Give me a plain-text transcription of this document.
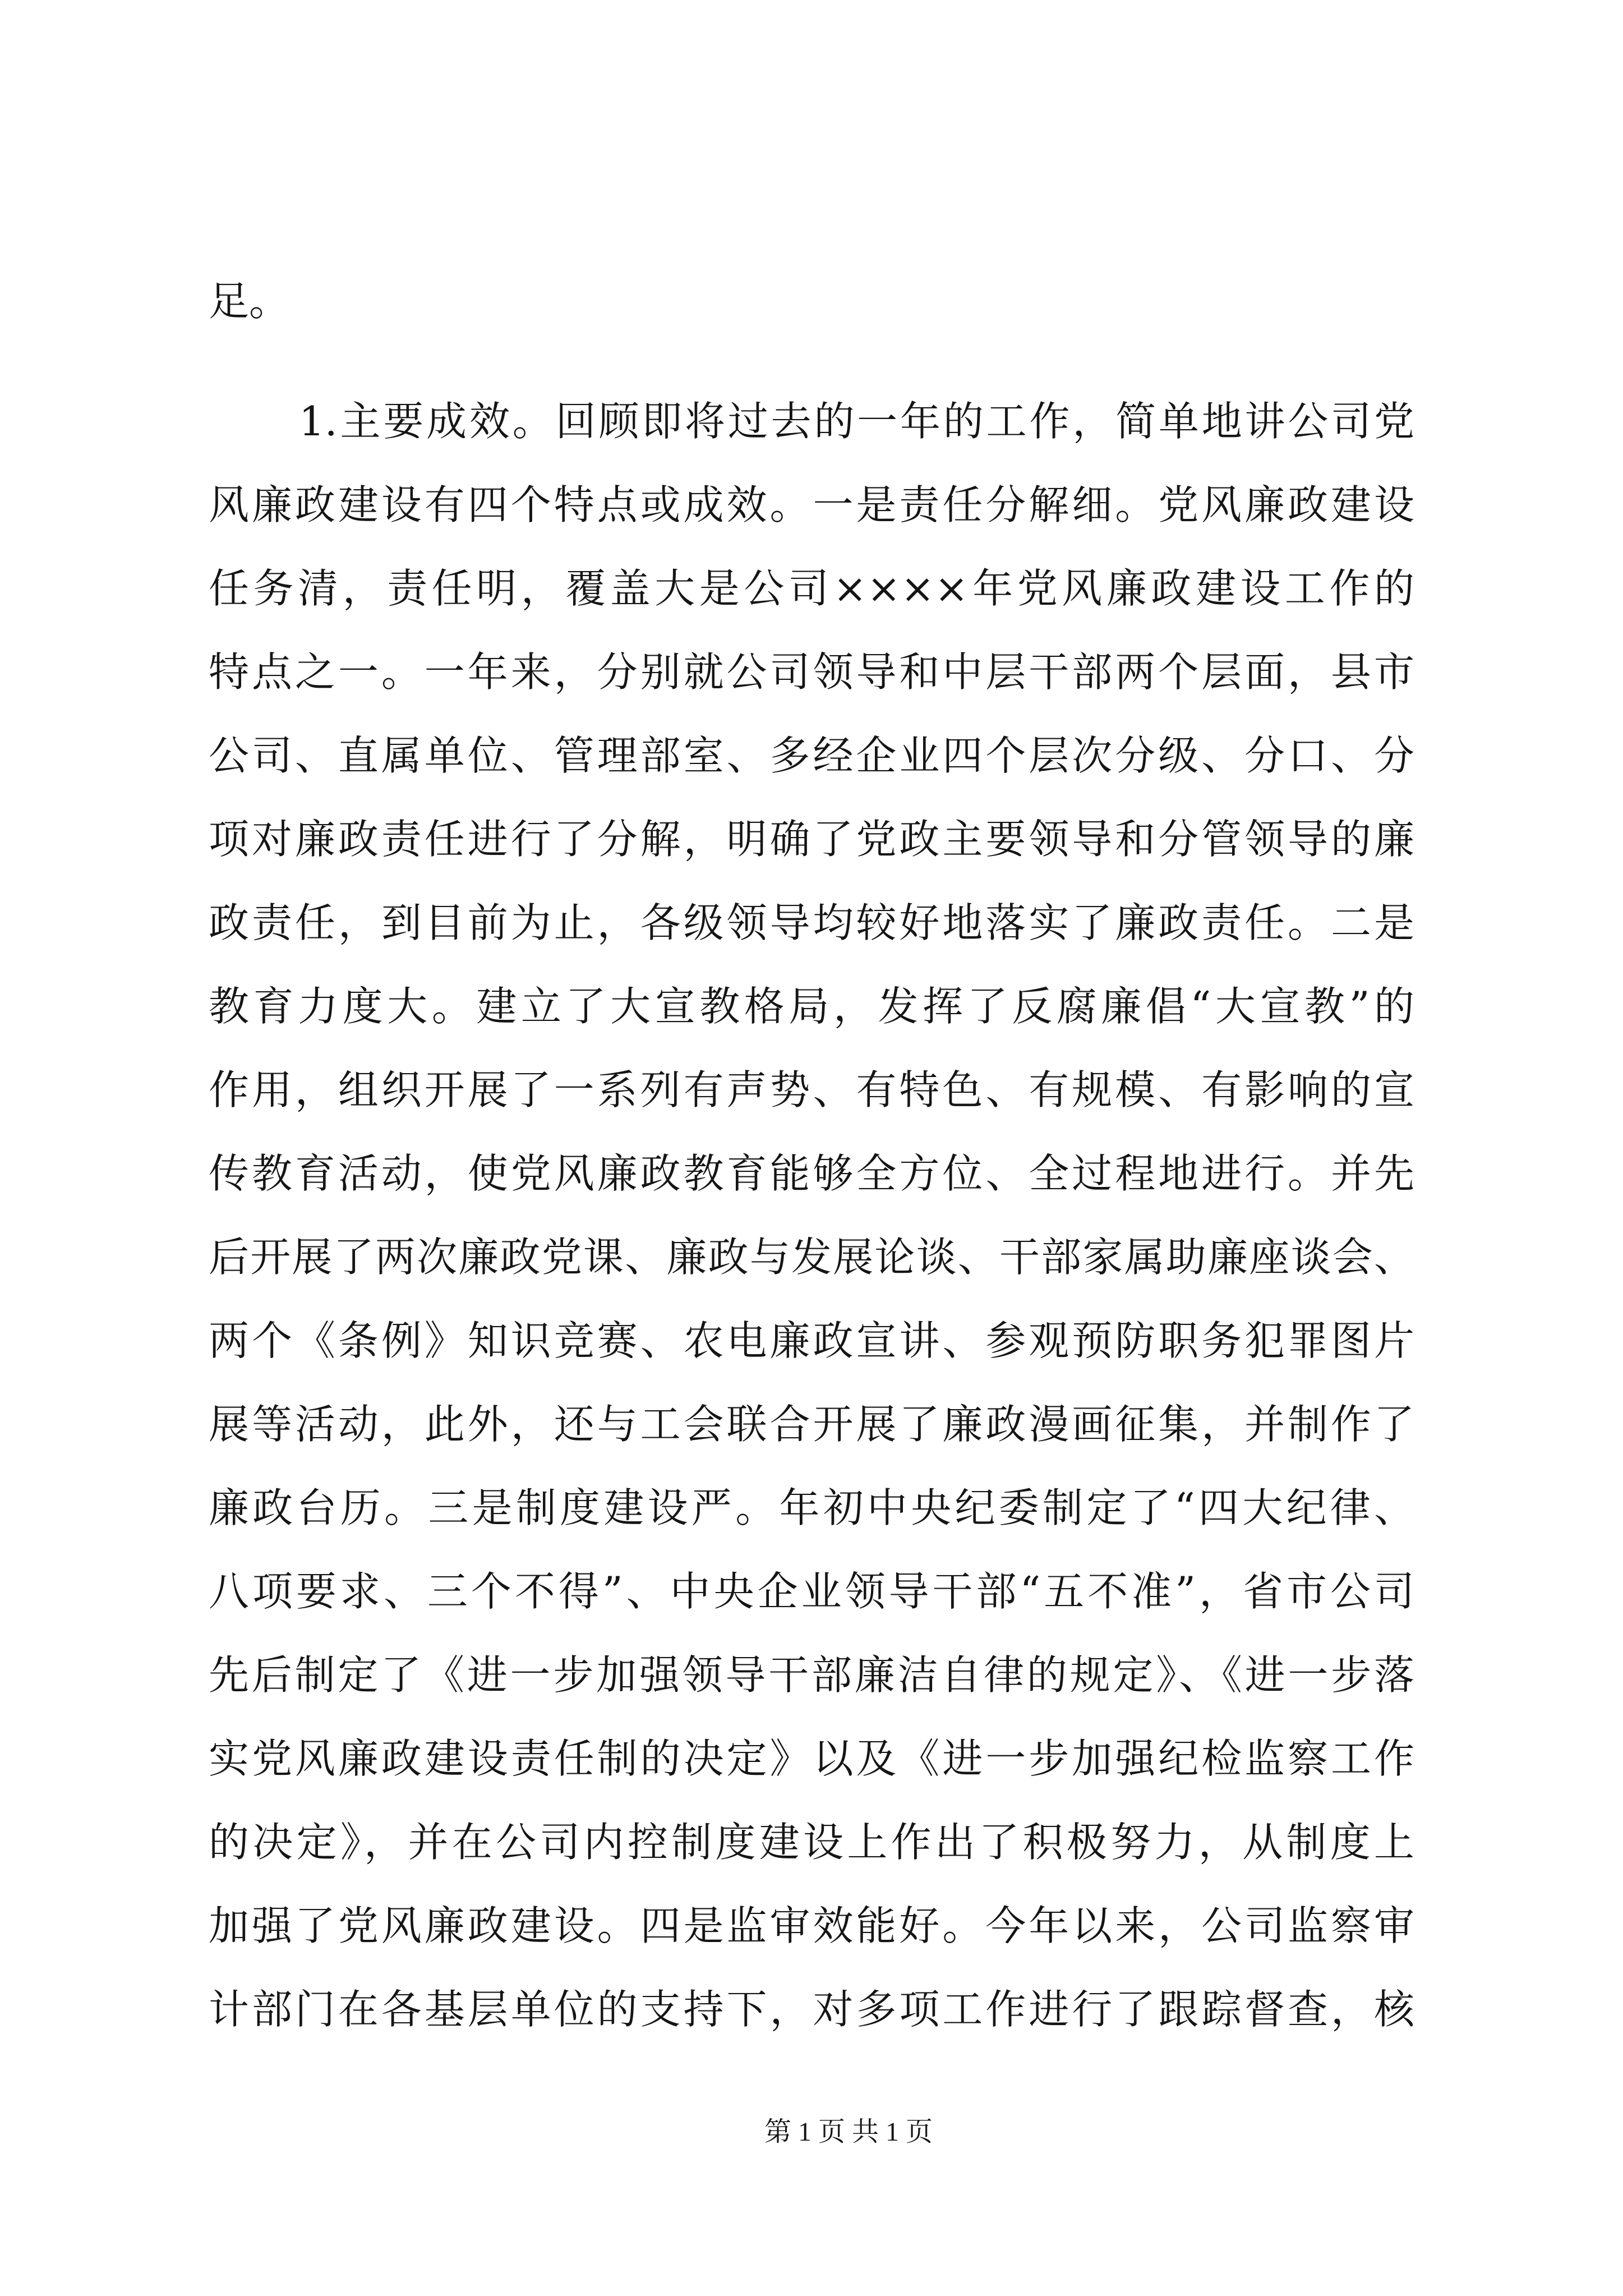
足。
1.主要成效。回顾即将过去的一年的工作，简单地讲公司党
风廉政建设有四个特点或成效。一是责任分解细。党风廉政建设
任务清，责任明，覆盖大是公司××××年党风廉政建设工作的
特点之一。一年来，分别就公司领导和中层干部两个层面，县市
公司、直属单位、管理部室、多经企业四个层次分级、分口、分
项对廉政责任进行了分解，明确了党政主要领导和分管领导的廉
政责任，到目前为止，各级领导均较好地落实了廉政责任。二是
教育力度大。建立了大宣教格局，发挥了反腐廉倡“大宣教”的
作用，组织开展了一系列有声势、有特色、有规模、有影响的宣
传教育活动，使党风廉政教育能够全方位、全过程地进行。并先
后开展了两次廉政党课、廉政与发展论谈、干部家属助廉座谈会、
两个《条例》知识竞赛、农电廉政宣讲、参观预防职务犯罪图片
展等活动，此外，还与工会联合开展了廉政漫画征集，并制作了
廉政台历。三是制度建设严。年初中央纪委制定了“四大纪律、
八项要求、三个不得”、中央企业领导干部“五不准”，省市公司
先后制定了《进一步加强领导干部廉洁自律的规定》、《进一步落
实党风廉政建设责任制的决定》以及《进一步加强纪检监察工作
的决定》，并在公司内控制度建设上作出了积极努力，从制度上
加强了党风廉政建设。四是监审效能好。今年以来，公司监察审
计部门在各基层单位的支持下，对多项工作进行了跟踪督查，核
第 1 页 共 1 页
